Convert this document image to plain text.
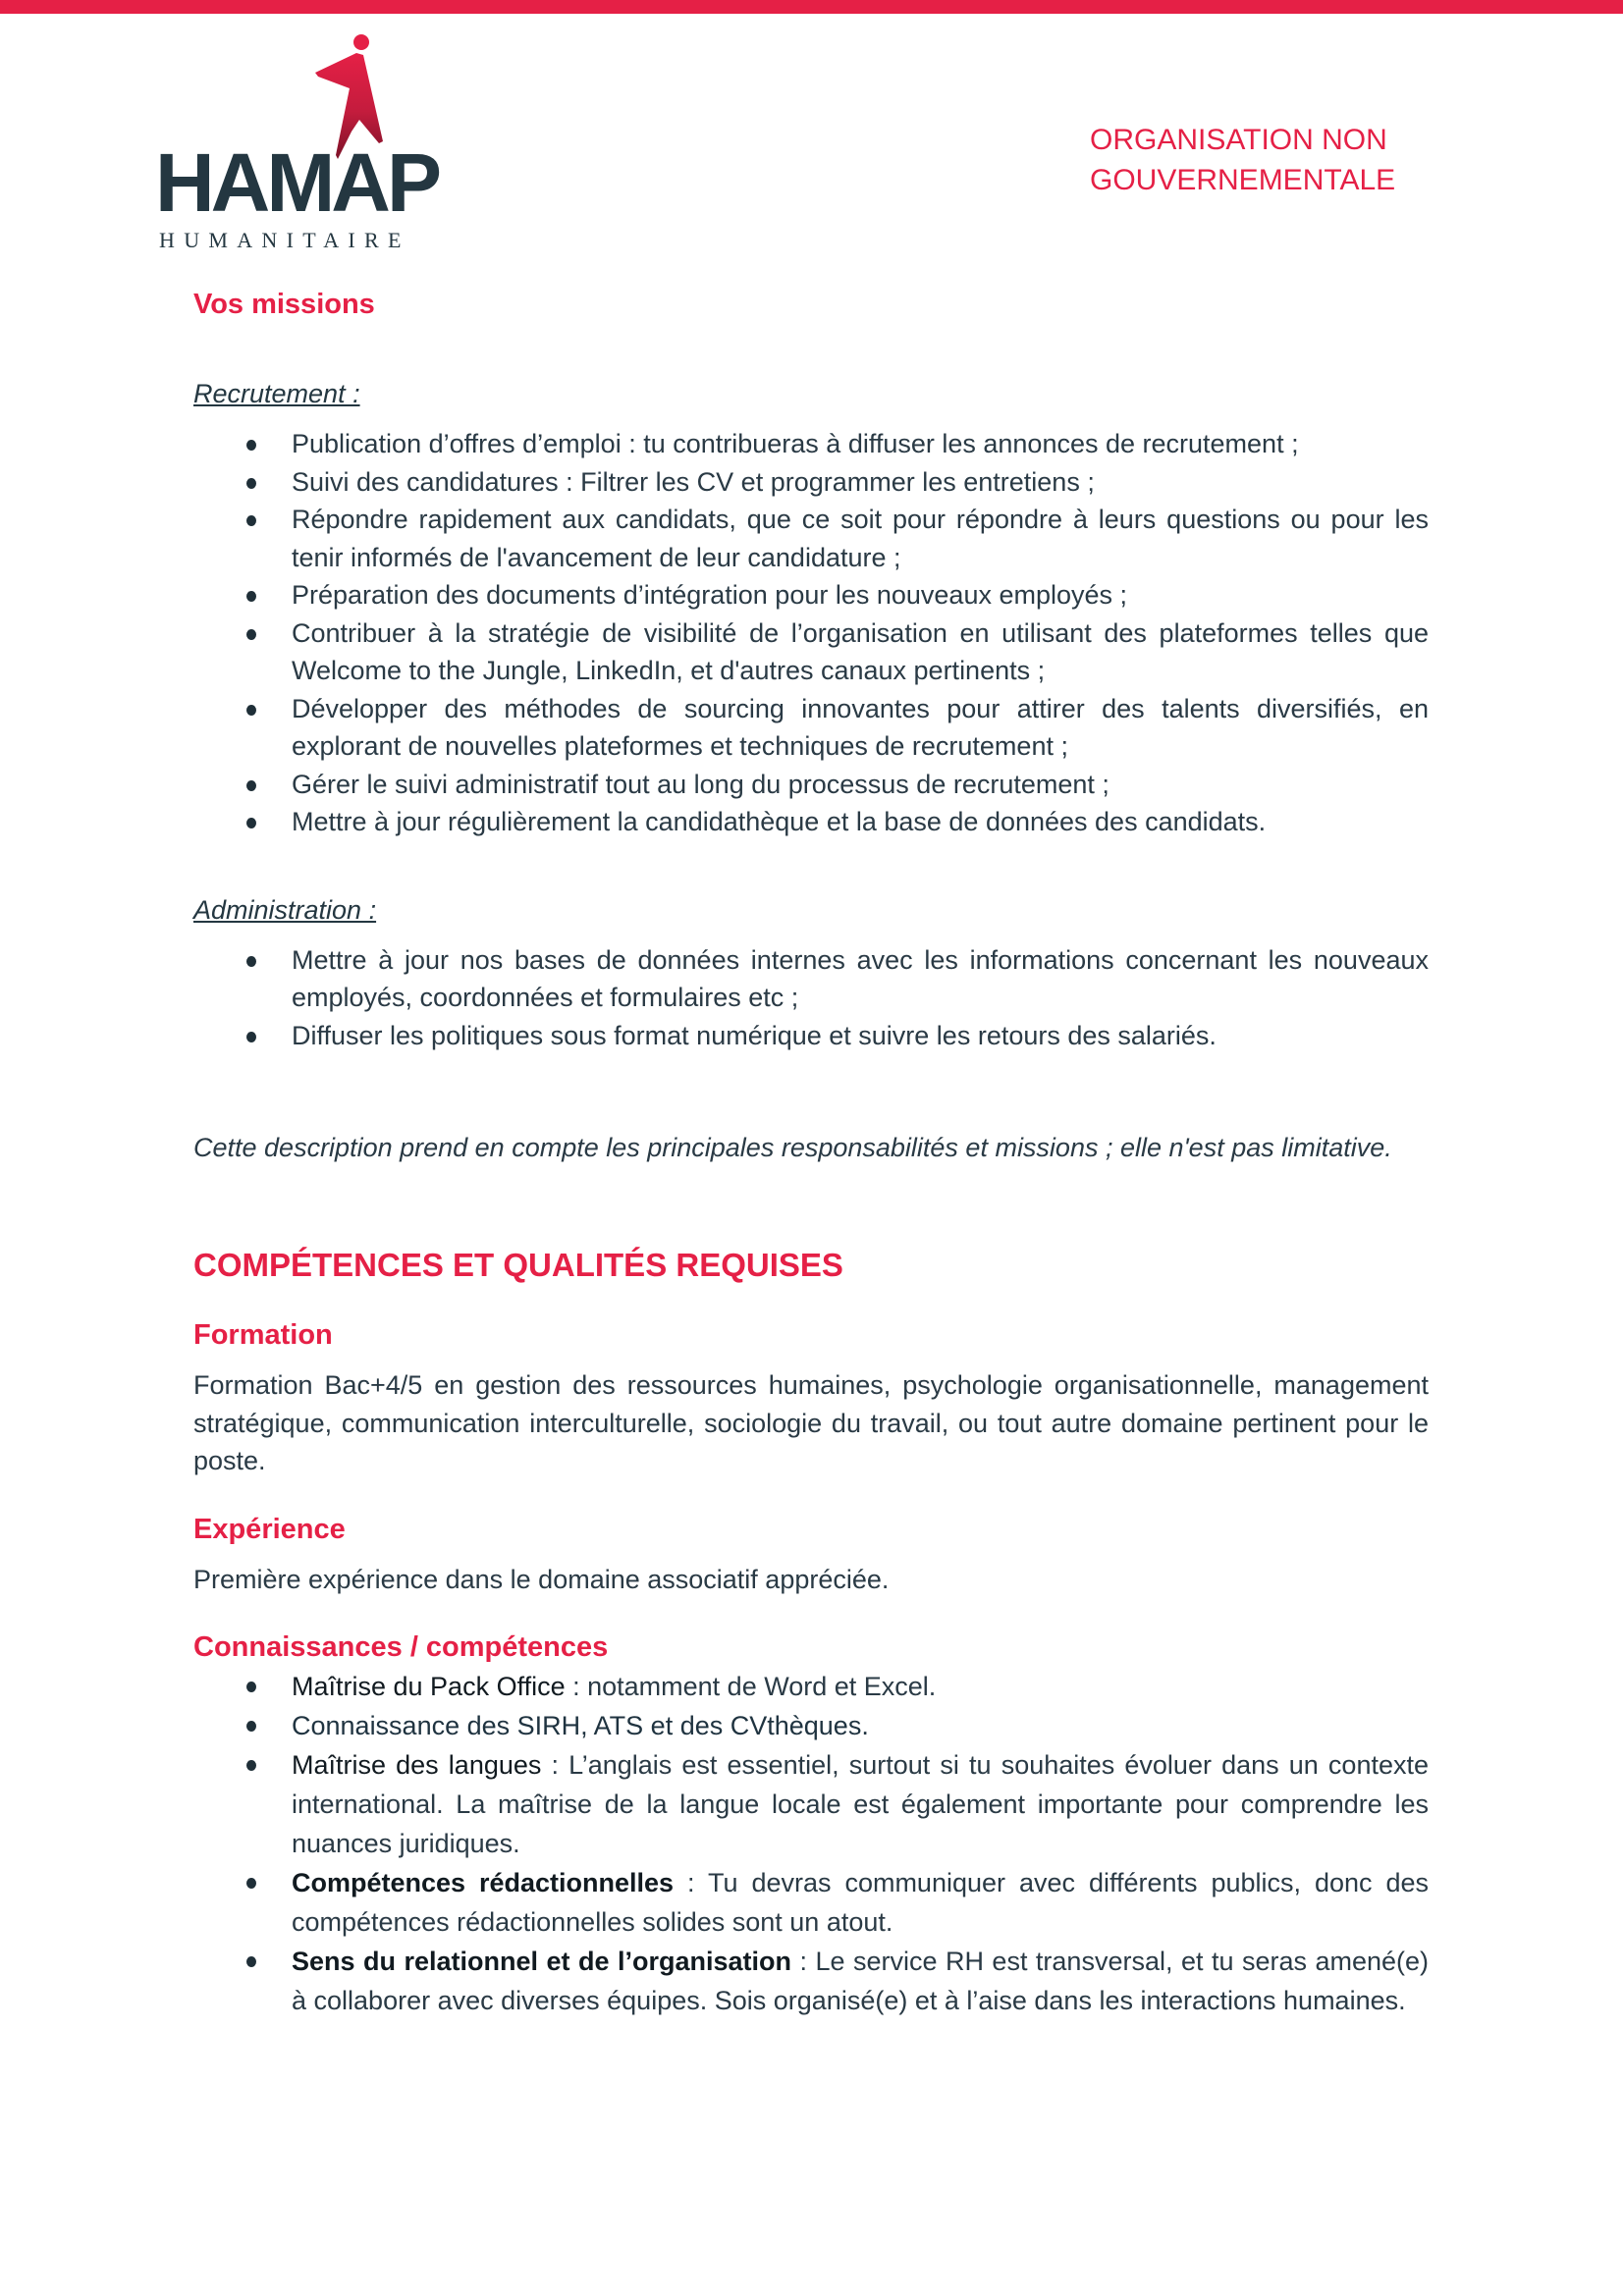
HAMAP
HUMANITAIRE
ORGANISATION NON
GOUVERNEMENTALE
Vos missions
Recrutement :
Publication d’offres d’emploi : tu contribueras à diffuser les annonces de recrutement ;
Suivi des candidatures : Filtrer les CV et programmer les entretiens ;
Répondre rapidement aux candidats, que ce soit pour répondre à leurs questions ou pour les tenir informés de l'avancement de leur candidature ;
Préparation des documents d’intégration pour les nouveaux employés ;
Contribuer à la stratégie de visibilité de l’organisation en utilisant des plateformes telles que Welcome to the Jungle, LinkedIn, et d'autres canaux pertinents ;
Développer des méthodes de sourcing innovantes pour attirer des talents diversifiés, en explorant de nouvelles plateformes et techniques de recrutement ;
Gérer le suivi administratif tout au long du processus de recrutement ;
Mettre à jour régulièrement la candidathèque et la base de données des candidats.
Administration :
Mettre à jour nos bases de données internes avec les informations concernant les nouveaux employés, coordonnées et formulaires etc ;
Diffuser les politiques sous format numérique et suivre les retours des salariés.
Cette description prend en compte les principales responsabilités et missions ; elle n'est pas limitative.
COMPÉTENCES ET QUALITÉS REQUISES
Formation
Formation Bac+4/5 en gestion des ressources humaines, psychologie organisationnelle, management stratégique, communication interculturelle, sociologie du travail, ou tout autre domaine pertinent pour le poste.
Expérience
Première expérience dans le domaine associatif appréciée.
Connaissances / compétences
Maîtrise du Pack Office : notamment de Word et Excel.
Connaissance des SIRH, ATS et des CVthèques.
Maîtrise des langues : L’anglais est essentiel, surtout si tu souhaites évoluer dans un contexte international. La maîtrise de la langue locale est également importante pour comprendre les nuances juridiques.
Compétences rédactionnelles : Tu devras communiquer avec différents publics, donc des compétences rédactionnelles solides sont un atout.
Sens du relationnel et de l’organisation : Le service RH est transversal, et tu seras amené(e) à collaborer avec diverses équipes. Sois organisé(e) et à l’aise dans les interactions humaines.
